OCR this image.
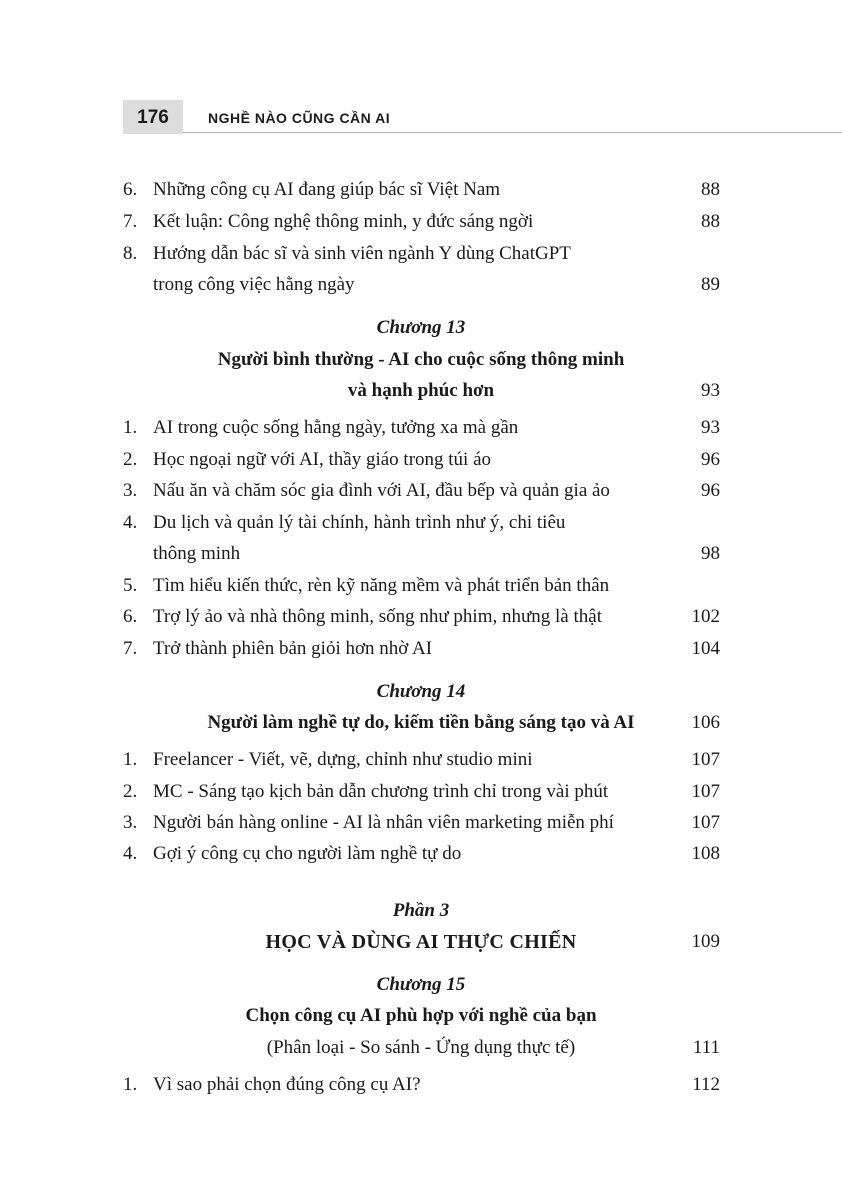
176	NGHỀ NÀO CŨNG CẦN AI
6. Những công cụ AI đang giúp bác sĩ Việt Nam	88
7. Kết luận: Công nghệ thông minh, y đức sáng ngời	88
8. Hướng dẫn bác sĩ và sinh viên ngành Y dùng ChatGPT
trong công việc hằng ngày	89
Chương 13
Người bình thường - AI cho cuộc sống thông minh
và hạnh phúc hơn	93
1. AI trong cuộc sống hằng ngày, tưởng xa mà gần	93
2. Học ngoại ngữ với AI, thầy giáo trong túi áo	96
3. Nấu ăn và chăm sóc gia đình với AI, đầu bếp và quản gia ảo	96
4. Du lịch và quản lý tài chính, hành trình như ý, chi tiêu
thông minh	98
5. Tìm hiểu kiến thức, rèn kỹ năng mềm và phát triển bản thân
6. Trợ lý ảo và nhà thông minh, sống như phim, nhưng là thật	102
7. Trở thành phiên bản giỏi hơn nhờ AI	104
Chương 14
Người làm nghề tự do, kiếm tiền bằng sáng tạo và AI	106
1. Freelancer - Viết, vẽ, dựng, chỉnh như studio mini	107
2. MC - Sáng tạo kịch bản dẫn chương trình chỉ trong vài phút	107
3. Người bán hàng online - AI là nhân viên marketing miễn phí	107
4. Gợi ý công cụ cho người làm nghề tự do	108
Phần 3
HỌC VÀ DÙNG AI THỰC CHIẾN	109
Chương 15
Chọn công cụ AI phù hợp với nghề của bạn
(Phân loại - So sánh - Ứng dụng thực tế)	111
1. Vì sao phải chọn đúng công cụ AI?	112
